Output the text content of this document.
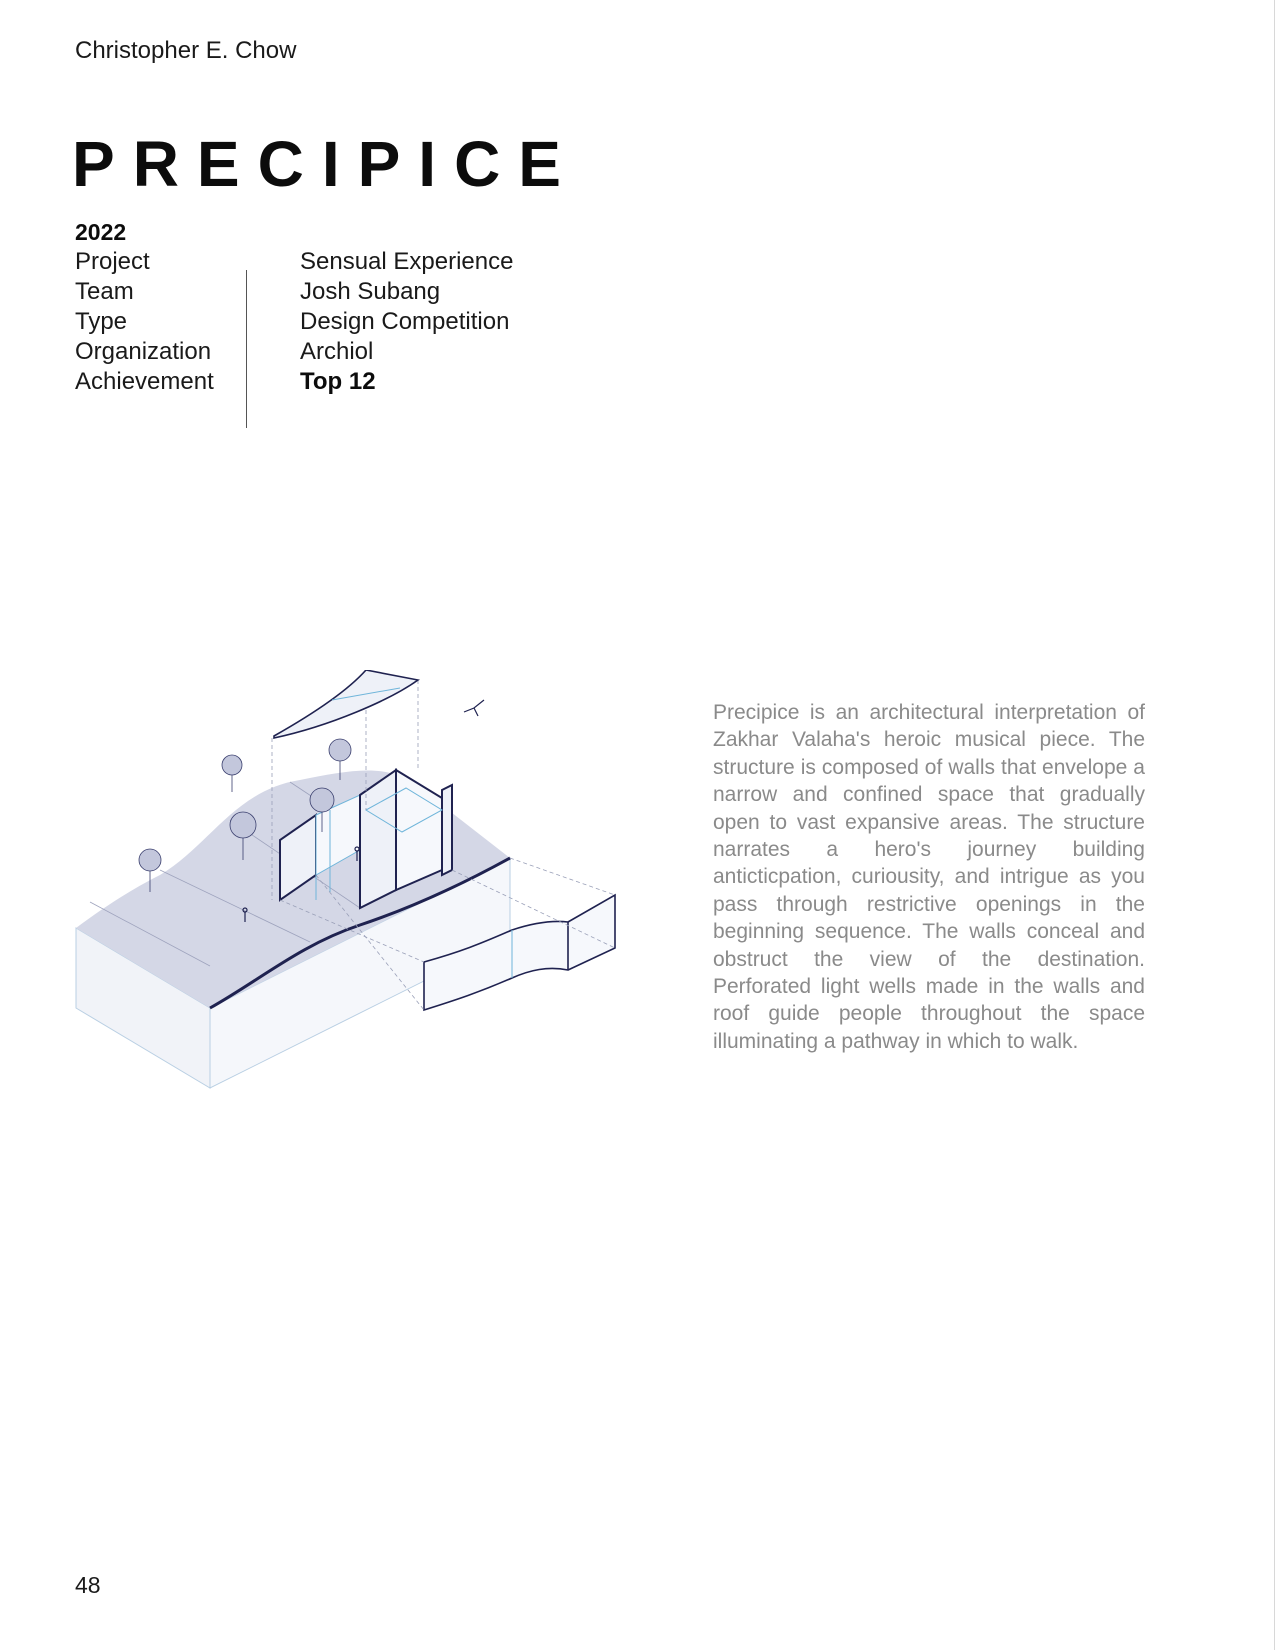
Christopher E. Chow
PRECIPICE
2022
Project	Sensual Experience
Team	Josh Subang
Type	Design Competition
Organization	Archiol
Achievement	Top 12

Precipice is an architectural interpretation of Zakhar Valaha's heroic musical piece. The structure is composed of walls that envelope a narrow and confined space that gradually open to vast expansive areas. The structure narrates a hero's journey building anticticpation, curiousity, and intrigue as you pass through restrictive openings in the beginning sequence. The walls conceal and obstruct the view of the destination. Perforated light wells made in the walls and roof guide people throughout the space illuminating a pathway in which to walk.

48
